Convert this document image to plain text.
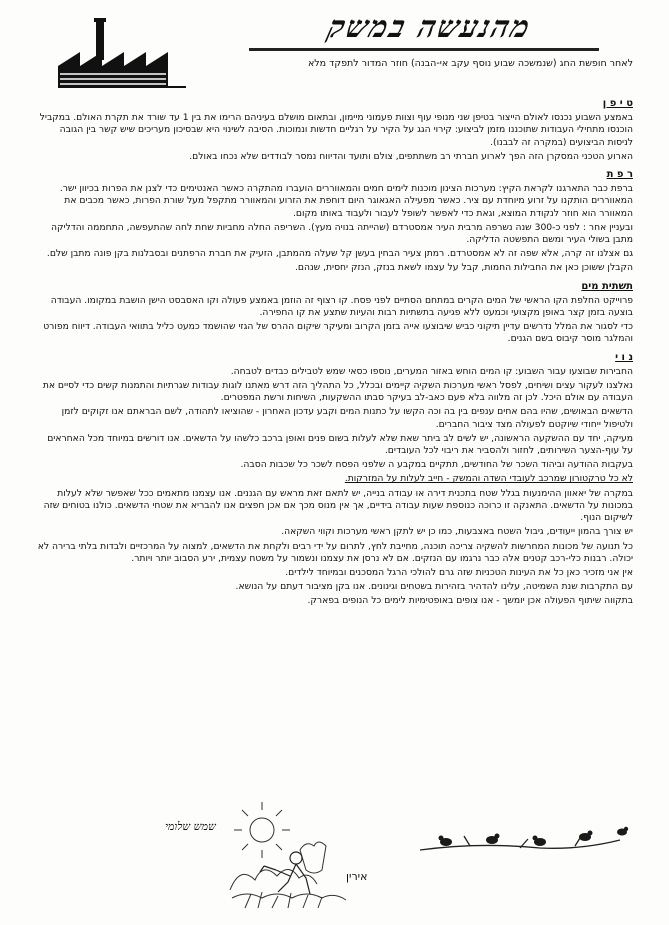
מהנעשה במשק
לאחר חופשת החג (שנמשכה שבוע נוסף עקב אי-הבנה) חוזר המדור לתפקד מלא
ט י פ ן

באמצע השבוע נכנסו לאולם הייצור בטיפן שני מנופי עוף וצוות פעמוני מיימון, ובתאום מושלם בעיניהם הרימו את בין 1 עד שורד את תקרת האולם. במקביל הוכנסו מתחילי העבודות שתוכננו מזמן לביצוע: קירוי הגג על הקיר על רגליים חדשות ונמוכות. הסיבה לשינוי היא שבסיכון מעריכים שיש קשר בין הגובה לניסות הביצועים (במקרה זה לבבנו).

הארוע הטכני המסקרן הזה הפך לארוע חברתי רב משתתפים, צולם ותועד והדיווח נמסר לבודדים שלא נכחו באולם.

ר פ ת

ברפת כבר התארגנו לקראת הקיץ: מערכות הצינון מוכנות לימים חמים והמאווררים הועברו מהתקרה כאשר האנטימים כדי לצנן את הפרות בכיוון ישר. המאווררים הותקנו על זרוע מיוחדת עם ציר. כאשר מפעילה האגאוגר היום דוחפת את הזרוע והמאוורר מתקפל מעל שורת הפרות, כאשר מכבים את המאוורר הוא חוזר לנקודת המוצא, וגאת כדי לאפשר לשופל לעבור ולעבוד באותו מקום.

ובעניין אחר : לפני כ-300 שנה נשרפה מרבית העיר אמסטרדם (שהייתה בנויה מעץ). השריפה החלה מחביות שחת לחה שהתעפשה, התחממה והדליקה מתבן בשולי העיר ומשם התפשטה הדליקה.

גם אצלנו זה קרה, אלא שפה זה לא אמסטרדם. רמתן צעיר הבחין בעשן קל שעלה מהמתבן, הזעיק את חברת הרפתנים ובסבלנות בקן פונה מתבן שלם.

הקבלן ששוכן כאן את החבילות החמות, קבל על עצמו לשאת בנזק, הנזק יחסית, שנהם.

תשתית מים

פרוייקט החלפת הקו הראשי של המים הקרים במתחם הסתיים לפני פסח. קו רצוף זה הוזמן באמצע פעולה וקו האסבסט הישן הושבת במקומו. העבודה בוצעה בזמן קצר באופן מקצועי וכמעט ללא פגיעה בתשתיות רבות והעיות שתצע את קו החפירה.

כדי לסגור את המלל נדרשים עדיין תיקוני כביש שיבוצעו אייה בזמן הקרוב ומעיקר שיקום ההרס של הגזי שהושמד כמעט כליל בתוואי העבודה. דיווח מפורט והמלגר מוסר קיבוס בשם הגנים.

נ ו י

החבירות שבוצעו עבור השבוע: קו המים הוחש באזור המערים, נוספו כסאי שמש לטבילים כבדים לטבחה.

נאלצנו לעקור עצים ושיחים, לפסל ראשי מערכות השקיה קיימים ובכלל, כל התהליך הזה דרש מאתנו לוגות עבודות שגרתיות והתמנות קשים כדי לסיים את העבודה עם אולם היכל. לכן זה מלווה בלא פעם כאב-לב בעיקר סבתו ההשקעות, השיחות ורשת המפטרים.

הדשאים הבאושים, שהיו בהם אחים ענפים בין בה וכה הקשו על כתנות המים וקבע עדכון האחרון - שהוציאו לתהודה, לשם הבראתם אנו זקוקים לזמן ולטיפול ייחודי שיוקטם לפעולה מצד ציבור החברים.

מעיקה, יחד עם ההשקעה הראשונה, יש לשים לב ביתר שאת שלא לעלות בשום פנים ואופן ברכב כלשהו על הדשאים. אנו דורשים במיוחד מכל האחראים על עוף-הצער השירותים, לחזור ולהסביר את ריבוי לכל העובדים.

בעקבות ההודעה וביהוד השכר של החודשים, תתקיים במקבע ה שלפני הפסח לשכר כל שכבות הסבה.

לא כל טרקטורון שמרכב לעובדי השדה והמשק - חייב לעלות על המזרקות.

במקרה של יאאוון ההימנעות בגלל שטח בתכנית דירה או עבודה בנייה, יש לתאם זאת מראש עם הגננים. אנו עצמנו מתאמים ככל שאפשר שלא לעלות במכונות על הדשאים. התאנקה זו כרוכה כנוספת שעות עבודה בידיים, אך אין מנוס מכך אם אכן חפצים אנו להבריא את שטחי הדשאים. כולנו בטוחים שזה לשיקום הנוף.

יש צורך בהמון ייעודים, גיבול השטח באצבעות, כמו כן יש לתקן ראשי מערכות וקווי השקאה.

כל תנועה של מכונות המחרשות להשקיה צריכה תוכנה, מחייבת לחץ, לתרום על ידי רבים ולקחת את הדשאים, למצוה על המרכזיים ולבדות בלתי ברירה לא יכולה. רבנות כלי-רכב קטנים אלה כבר נרגמו עם הנזקים. אם לא נרסן את עצמנו ונשמור על משטח עצמית, ירע הסבוב יותר ויותר.

אין אני מזכיר כאן כל את העינות הטכניות שזה גרם להולכי הרגל המסכנים ובמיוחד לילדים.

עם התקרבות שנת השמיטה, עלינו להדהיר בזהירות בשטחים וגינונים. אנו בקן מציבור דעתם על הנושא.

בתקווה שיתוף הפעולה אכן יומשך - אנו צופים באופטימיות לימים כל הנופים בפארק.

שמש שלומי
אירין
